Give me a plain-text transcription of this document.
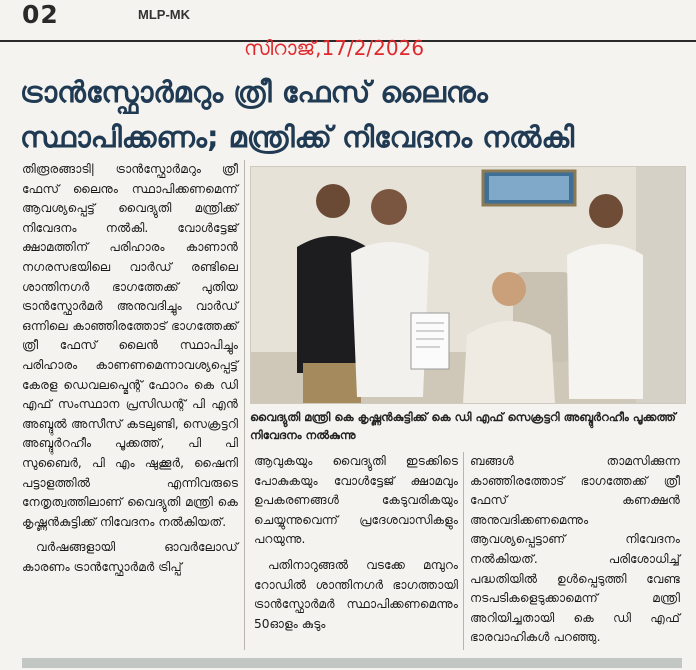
02	MLP-MK
സിറാജ്,17/2/2026
ട്രാൻസ്ഫോർമറും ത്രീ ഫേസ് ലൈനും
സ്ഥാപിക്കണം; മന്ത്രിക്ക് നിവേദനം നൽകി

തിരൂരങ്ങാടി| ട്രാൻസ്ഫോർമറും ത്രീ ഫേസ് ലൈനും സ്ഥാപിക്കണമെന്ന് ആവശ്യപ്പെട്ട് വൈദ്യുതി മന്ത്രിക്ക് നിവേദനം നൽകി. വോൾട്ടേജ് ക്ഷാമത്തിന് പരിഹാരം കാണാൻ നഗരസഭയിലെ വാർഡ് രണ്ടിലെ ശാന്തിനഗർ ഭാഗത്തേക്ക് പുതിയ ട്രാൻസ്ഫോർമർ അനുവദിച്ചും വാർഡ് ഒന്നിലെ കാഞ്ഞിരത്തോട് ഭാഗത്തേക്ക് ത്രീ ഫേസ് ലൈൻ സ്ഥാപിച്ചും പരിഹാരം കാണണമെന്നാവശ്യപ്പെട്ട് കേരള ഡെവലപ്മെന്റ് ഫോറം കെ ഡി എഫ് സംസ്ഥാന പ്രസിഡന്റ് പി എൻ അബ്ദുൽ അസീസ് കടലുണ്ടി, സെക്രട്ടറി അബ്ദുർറഹീം പൂക്കത്ത്, പി പി സുബൈർ, പി എം ഷുക്കൂർ, ഷൈനി പട്ടാളത്തിൽ എന്നിവരുടെ നേതൃത്വത്തിലാണ് വൈദ്യുതി മന്ത്രി കെ കൃഷ്ണൻകുട്ടിക്ക് നിവേദനം നൽകിയത്.

വർഷങ്ങളായി ഓവർലോഡ് കാരണം ട്രാൻസ്ഫോർമർ ട്രിപ്പ്

വൈദ്യുതി മന്ത്രി കെ കൃഷ്ണൻകുട്ടിക്ക് കെ ഡി എഫ് സെക്രട്ടറി അബ്ദുർറഹീം പൂക്കത്ത് നിവേദനം നൽകുന്നു

ആവുകയും വൈദ്യുതി ഇടക്കിടെ പോകുകയും വോൾട്ടേജ് ക്ഷാമവും ഉപകരണങ്ങൾ കേടുവരികയും ചെയ്യുന്നുവെന്ന് പ്രദേശവാസികളും പറയുന്നു.

പതിനാറുങ്ങൽ വടക്കേ മമ്പുറം റോഡിൽ ശാന്തിനഗർ ഭാഗത്തായി ട്രാൻസ്ഫോർമർ സ്ഥാപിക്കണമെന്നും 50ഓളം കുടും

ബങ്ങൾ താമസിക്കുന്ന കാഞ്ഞിരത്തോട് ഭാഗത്തേക്ക് ത്രീ ഫേസ് കണക്ഷൻ അനുവദിക്കണമെന്നും ആവശ്യപ്പെട്ടാണ് നിവേദനം നൽകിയത്. പരിശോധിച്ച് പദ്ധതിയിൽ ഉൾപ്പെടുത്തി വേണ്ട നടപടികളെടുക്കാമെന്ന് മന്ത്രി അറിയിച്ചതായി കെ ഡി എഫ് ഭാരവാഹികൾ പറഞ്ഞു.
